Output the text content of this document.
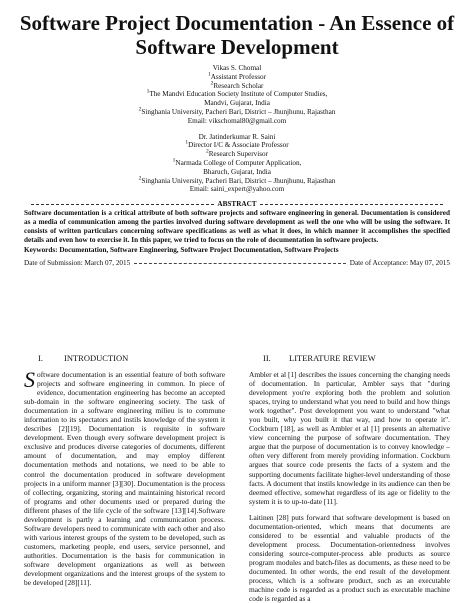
Software Project Documentation - An Essence of
Software Development
Vikas S. Chomal
$^1$Assistant Professor
$^2$Research Scholar
$^1$The Mandvi Education Society Institute of Computer Studies,
Mandvi, Gujarat, India
$^2$Singhania University, Pacheri Bari, District – Jhunjhunu, Rajasthan
Email: vikschomal80@gmail.com
Dr. Jatinderkumar R. Saini
$^1$Director I/C & Associate Professor
$^2$Research Supervisor
$^1$Narmada College of Computer Application,
Bharuch, Gujarat, India
$^2$Singhania University, Pacheri Bari, District – Jhunjhunu, Rajasthan
Email: saini_expert@yahoo.com
ABSTRACT
Software documentation is a critical attribute of both software projects and software engineering in general. Documentation is considered as a media of communication among the parties involved during software development as well the one who will be using the software. It consists of written particulars concerning software specifications as well as what it does, in which manner it accomplishes the specified details and even how to exercise it. In this paper, we tried to focus on the role of documentation in software projects.
Keywords: Documentation, Software Engineering, Software Project Documentation, Software Projects
Date of Submission: March 07, 2015	Date of Acceptance: May 07, 2015
I.	INTRODUCTION
Software documentation is an essential feature of both software projects and software engineering in common. In piece of evidence, documentation engineering has become an accepted sub-domain in the software engineering society. The task of documentation in a software engineering milieu is to commune information to its spectators and instils knowledge of the system it describes [2][19]. Documentation is requisite in software development. Even though every software development project is exclusive and produces diverse categories of documents, different amount of documentation, and may employ different documentation methods and notations, we need to be able to control the documentation produced in software development projects in a uniform manner [3][30]. Documentation is the process of collecting, organizing, storing and maintaining historical record of programs and other documents used or prepared during the different phases of the life cycle of the software [13][14].Software development is partly a learning and communication process. Software developers need to communicate with each other and also with various interest groups of the system to be developed, such as customers, marketing people, end users, service personnel, and authorities. Documentation is the basis for communication in software development organizations as well as between development organizations and the interest groups of the system to be developed [28][11].
II.	LITERATURE REVIEW
Ambler et al [1] describes the issues concerning the changing needs of documentation. In particular, Ambler says that "during development you're exploring both the problem and solution spaces, trying to understand what you need to build and how things work together". Post development you want to understand "what you built, why you built it that way, and how to operate it". Cockburn [18], as well as Ambler et al [1] presents an alternative view concerning the purpose of software documentation. They argue that the purpose of documentation is to convey knowledge – often very different from merely providing information. Cockburn argues that source code presents the facts of a system and the supporting documents facilitate higher-level understanding of those facts. A document that instils knowledge in its audience can then be deemed effective, somewhat regardless of its age or fidelity to the system it is to up-to-date [11].
Laitinen [28] puts forward that software development is based on documentation-oriented, which means that documents are considered to be essential and valuable products of the development process. Documentation-orientedness involves considering source-computer-process able products as source program modules and batch-files as documents, as these need to be documented. In other words, the end result of the development process, which is a software product, such as an executable machine code is regarded as a product such as executable machine code is regarded as a
